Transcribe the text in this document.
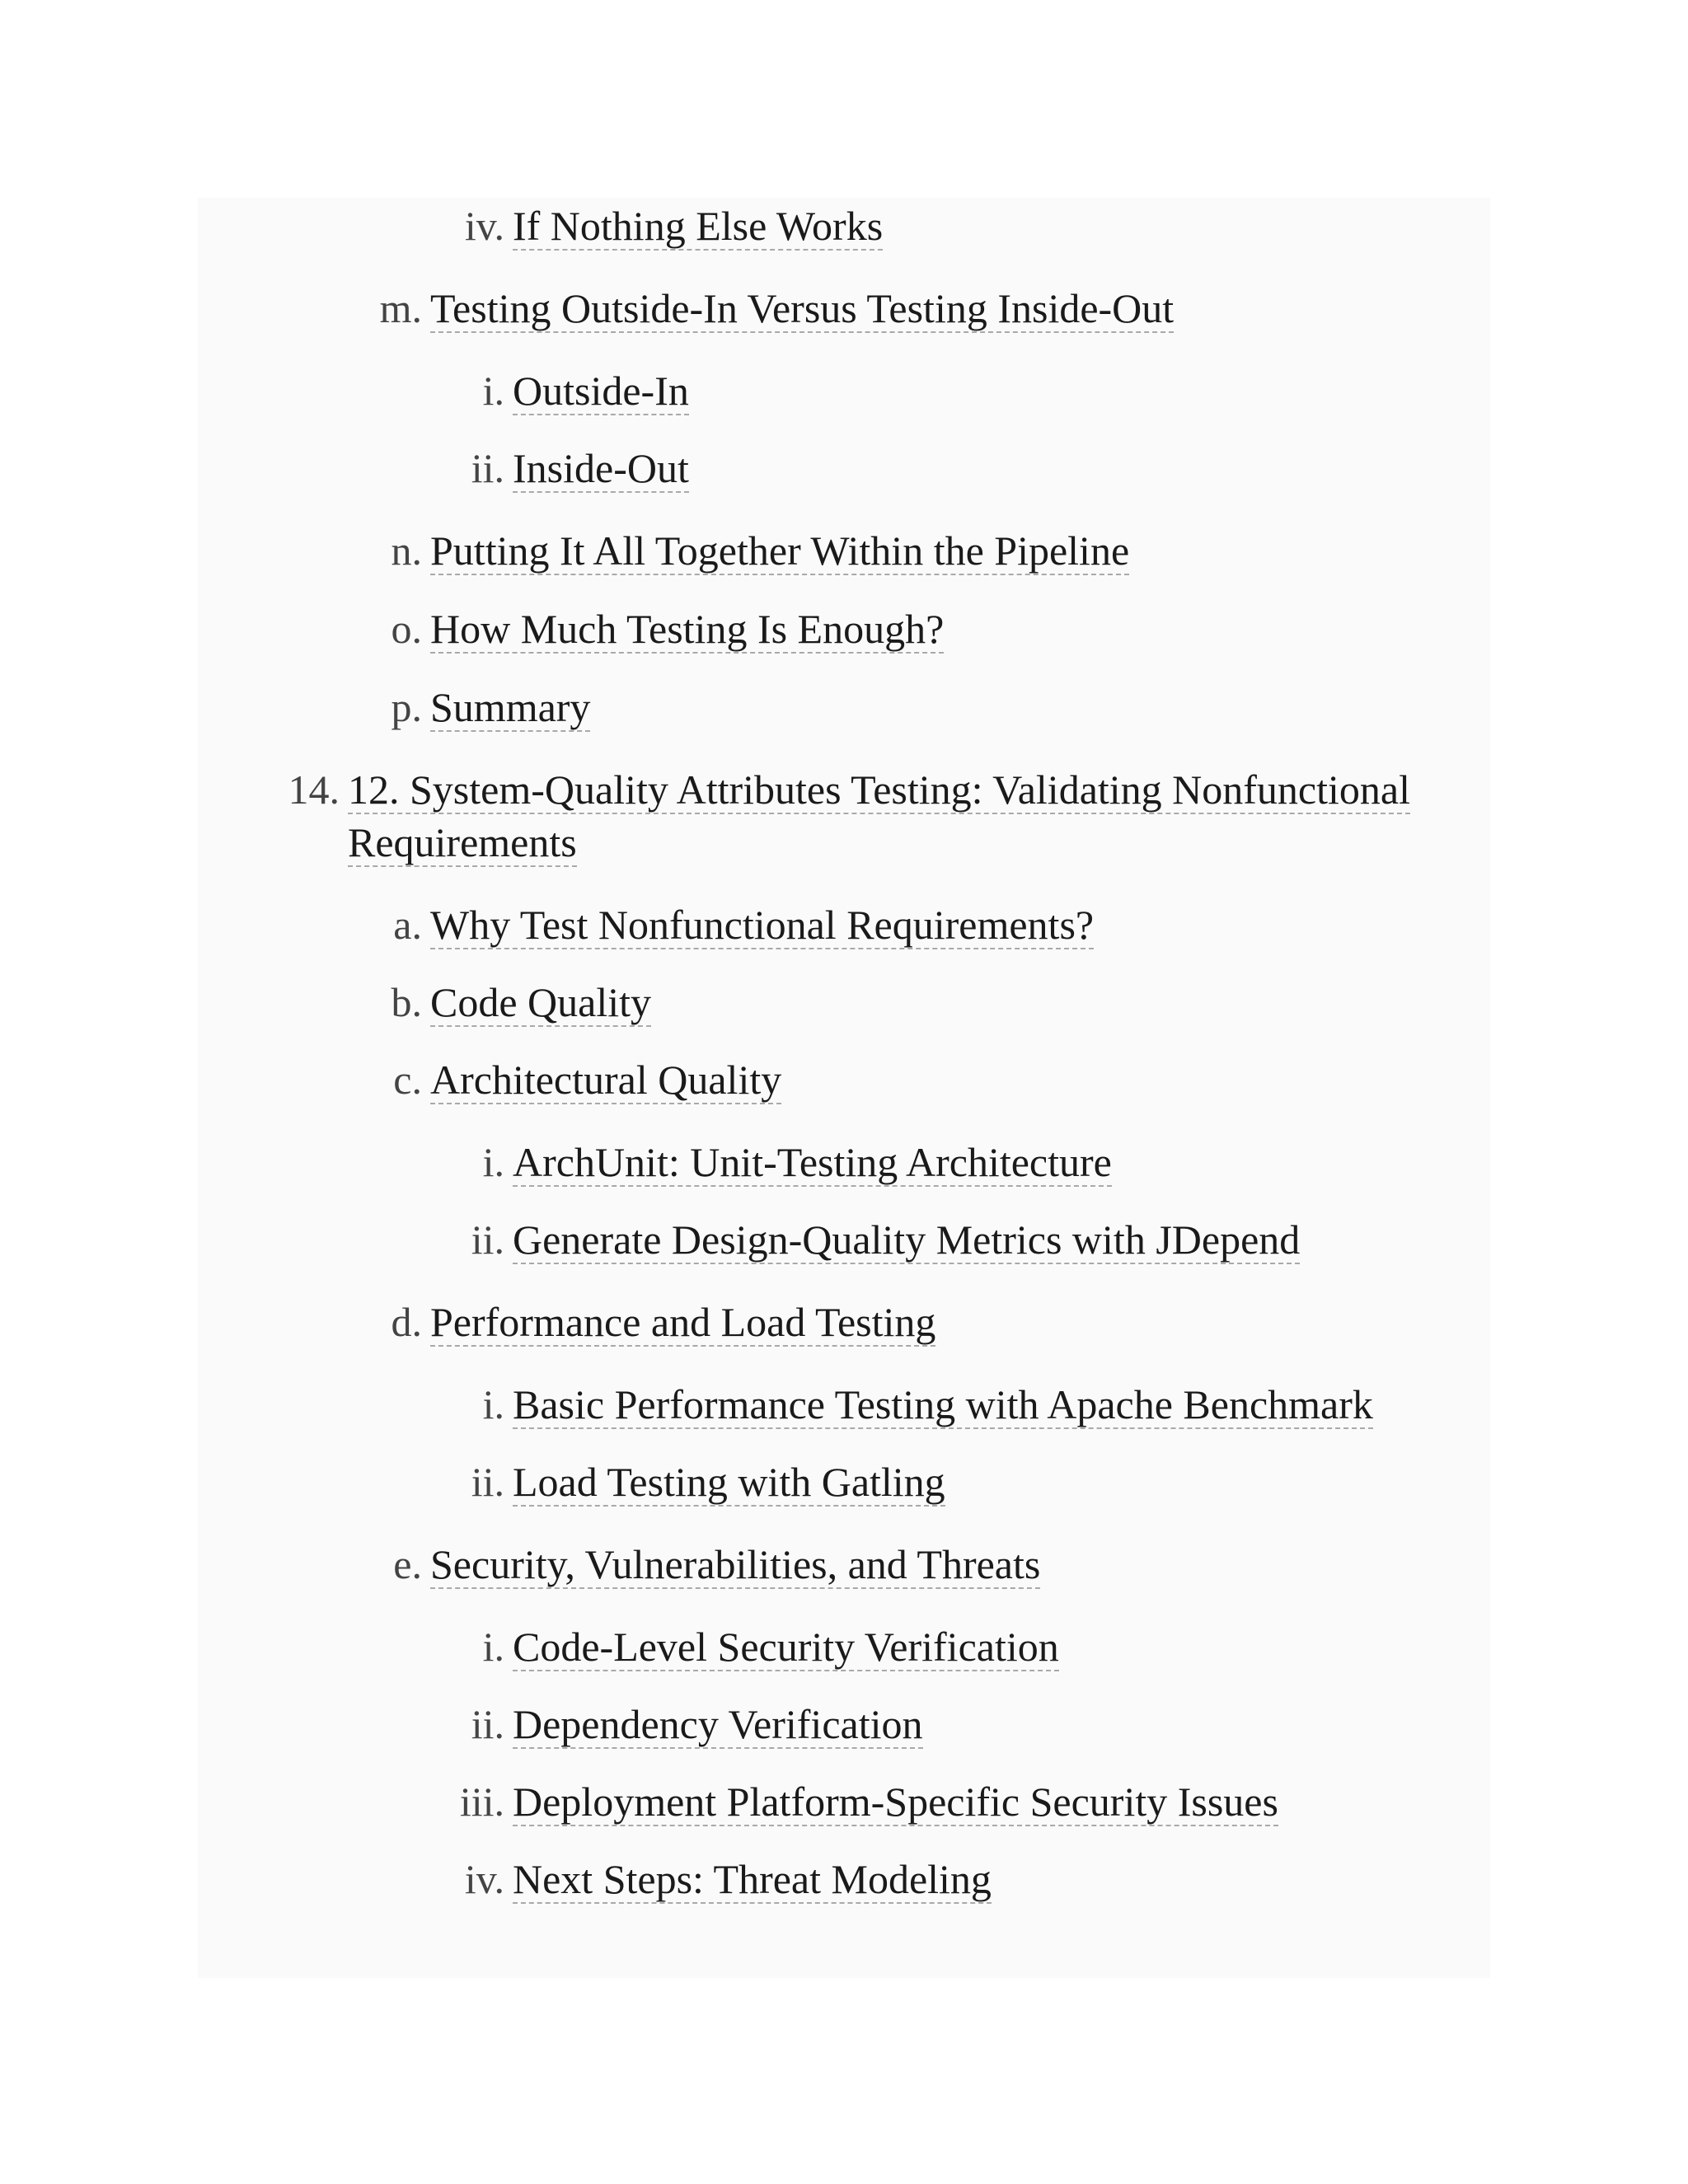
iv. If Nothing Else Works
m. Testing Outside-In Versus Testing Inside-Out
i. Outside-In
ii. Inside-Out
n. Putting It All Together Within the Pipeline
o. How Much Testing Is Enough?
p. Summary
14. 12. System-Quality Attributes Testing: Validating Nonfunctional
Requirements
a. Why Test Nonfunctional Requirements?
b. Code Quality
c. Architectural Quality
i. ArchUnit: Unit-Testing Architecture
ii. Generate Design-Quality Metrics with JDepend
d. Performance and Load Testing
i. Basic Performance Testing with Apache Benchmark
ii. Load Testing with Gatling
e. Security, Vulnerabilities, and Threats
i. Code-Level Security Verification
ii. Dependency Verification
iii. Deployment Platform-Specific Security Issues
iv. Next Steps: Threat Modeling
